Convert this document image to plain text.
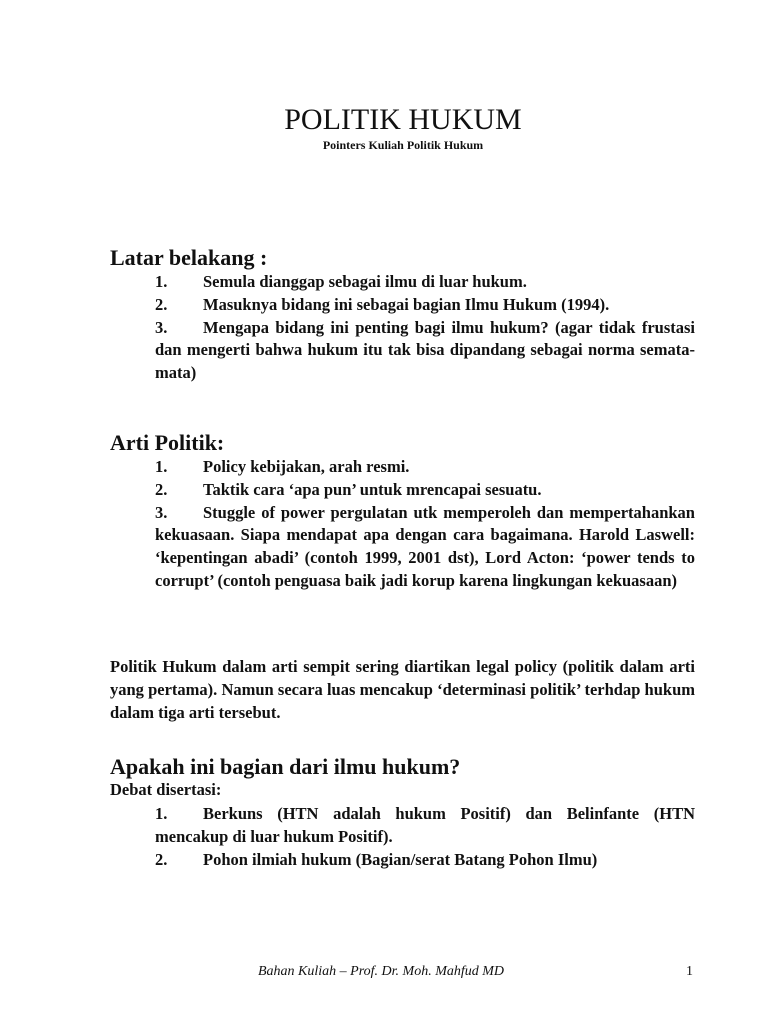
POLITIK HUKUM
Pointers Kuliah Politik Hukum
Latar belakang :
1. Semula dianggap sebagai ilmu di luar hukum.
2. Masuknya bidang ini sebagai bagian Ilmu Hukum (1994).
3. Mengapa bidang ini penting bagi ilmu hukum? (agar tidak frustasi dan mengerti bahwa hukum itu tak bisa dipandang sebagai norma semata-mata)
Arti Politik:
1. Policy kebijakan, arah resmi.
2. Taktik cara ‘apa pun’ untuk mrencapai sesuatu.
3. Stuggle of power pergulatan utk memperoleh dan mempertahankan kekuasaan. Siapa mendapat apa dengan cara bagaimana. Harold Laswell: ‘kepentingan abadi’ (contoh 1999, 2001 dst), Lord Acton: ‘power tends to corrupt’ (contoh penguasa baik jadi korup karena lingkungan kekuasaan)
Politik Hukum dalam arti sempit sering diartikan legal policy (politik dalam arti yang pertama). Namun secara luas mencakup ‘determinasi politik’ terhdap hukum dalam tiga arti tersebut.
Apakah ini bagian dari ilmu hukum?
Debat disertasi:
1. Berkuns (HTN adalah hukum Positif) dan Belinfante (HTN mencakup di luar hukum Positif).
2. Pohon ilmiah hukum (Bagian/serat Batang Pohon Ilmu)
Bahan Kuliah – Prof. Dr. Moh. Mahfud MD	1
